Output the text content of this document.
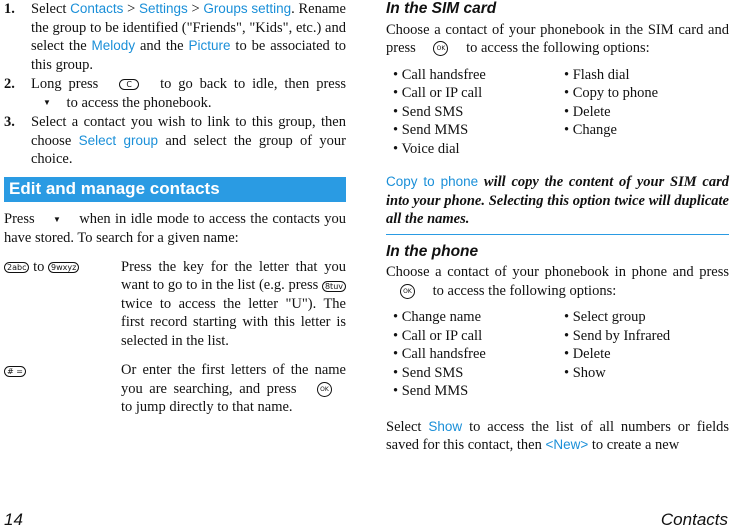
1. Select Contacts > Settings > Groups setting. Rename the group to be identified ("Friends", "Kids", etc.) and select the Melody and the Picture to be associated to this group.
2. Long press	C to go back to idle, then press ▼ to access the phonebook.
3. Select a contact you wish to link to this group, then choose Select group and select the group of your choice.
Edit and manage contacts

Press ▼ when in idle mode to access the contacts you have stored. To search for a given name:

2abc to 9wxyz	Press the key for the letter that you want to go to in the list (e.g. press 8tuv twice to access the letter "U"). The first record starting with this letter is selected in the list.
# =	Or enter the first letters of the name you are searching, and press	OK to jump directly to that name.
In the SIM card

Choose a contact of your phonebook in the SIM card and press	OK to access the following options:

• Call handsfree
• Call or IP call
• Send SMS
• Send MMS
• Voice dial
• Flash dial
• Copy to phone
• Delete
• Change
Copy to phone will copy the content of your SIM card into your phone. Selecting this option twice will duplicate all the names.
In the phone

Choose a contact of your phonebook in phone and press OK to access the following options:

• Change name
• Call or IP call
• Call handsfree
• Send SMS
• Send MMS
• Select group
• Send by Infrared
• Delete
• Show

Select Show to access the list of all numbers or fields saved for this contact, then <New> to create a new

14	Contacts
